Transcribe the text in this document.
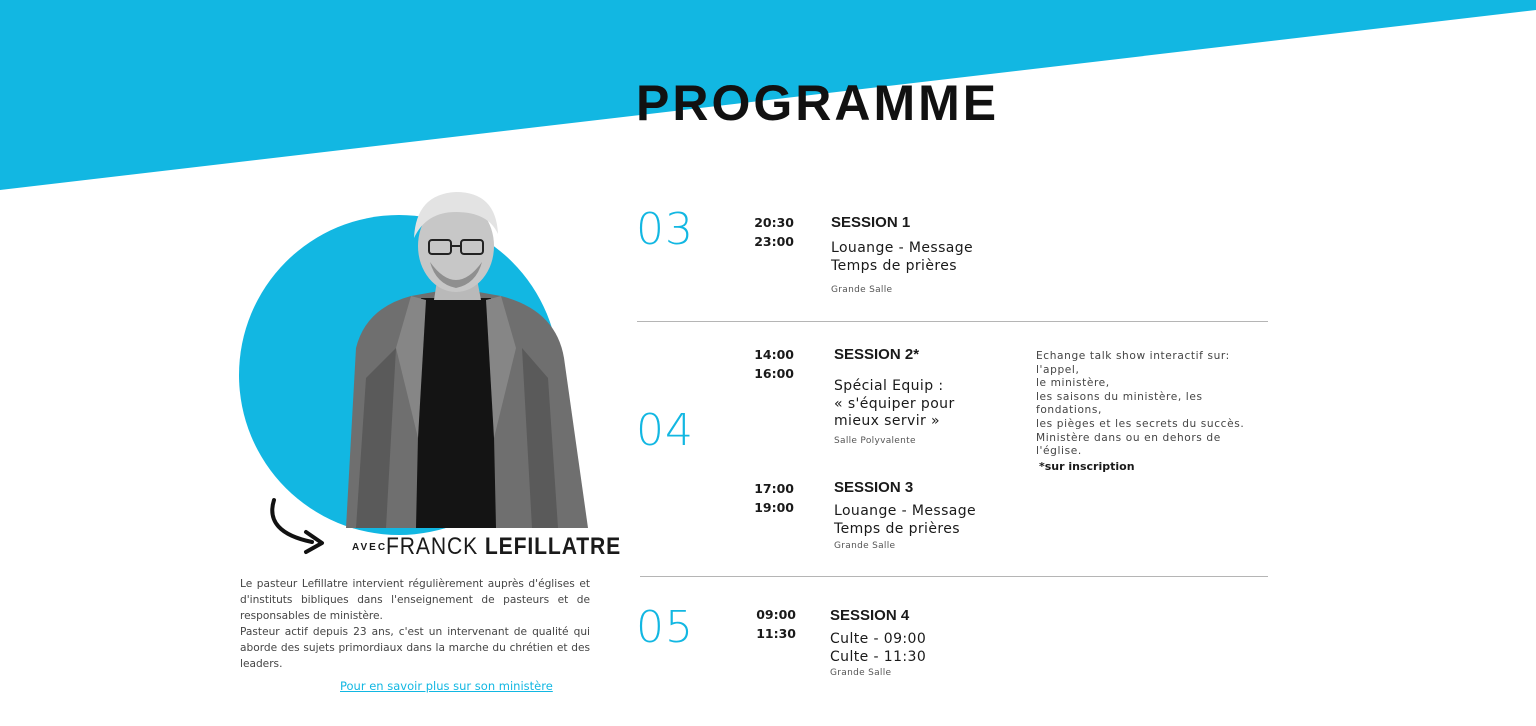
PROGRAMME
AVEC
FRANCK LEFILLATRE

Le pasteur Lefillatre intervient régulièrement auprès d'églises et d'instituts bibliques dans l'enseignement de pasteurs et de responsables de ministère.

Pasteur actif depuis 23 ans, c'est un intervenant de qualité qui aborde des sujets primordiaux dans la marche du chrétien et des leaders.

Pour en savoir plus sur son ministère
03	20:30
23:00
SESSION 1
Louange - Message
Temps de prières
Grande Salle
04
14:00
16:00
SESSION 2*
Spécial Equip :
« s'équiper pour
mieux servir »
Salle Polyvalente
17:00
19:00
SESSION 3
Louange - Message
Temps de prières
Grande Salle
Echange talk show interactif sur:
l'appel,
le ministère,
les saisons du ministère, les
fondations,
les pièges et les secrets du succès.
Ministère dans ou en dehors de
l'église.
*sur inscription
05	09:00
11:30
SESSION 4
Culte - 09:00
Culte - 11:30
Grande Salle
